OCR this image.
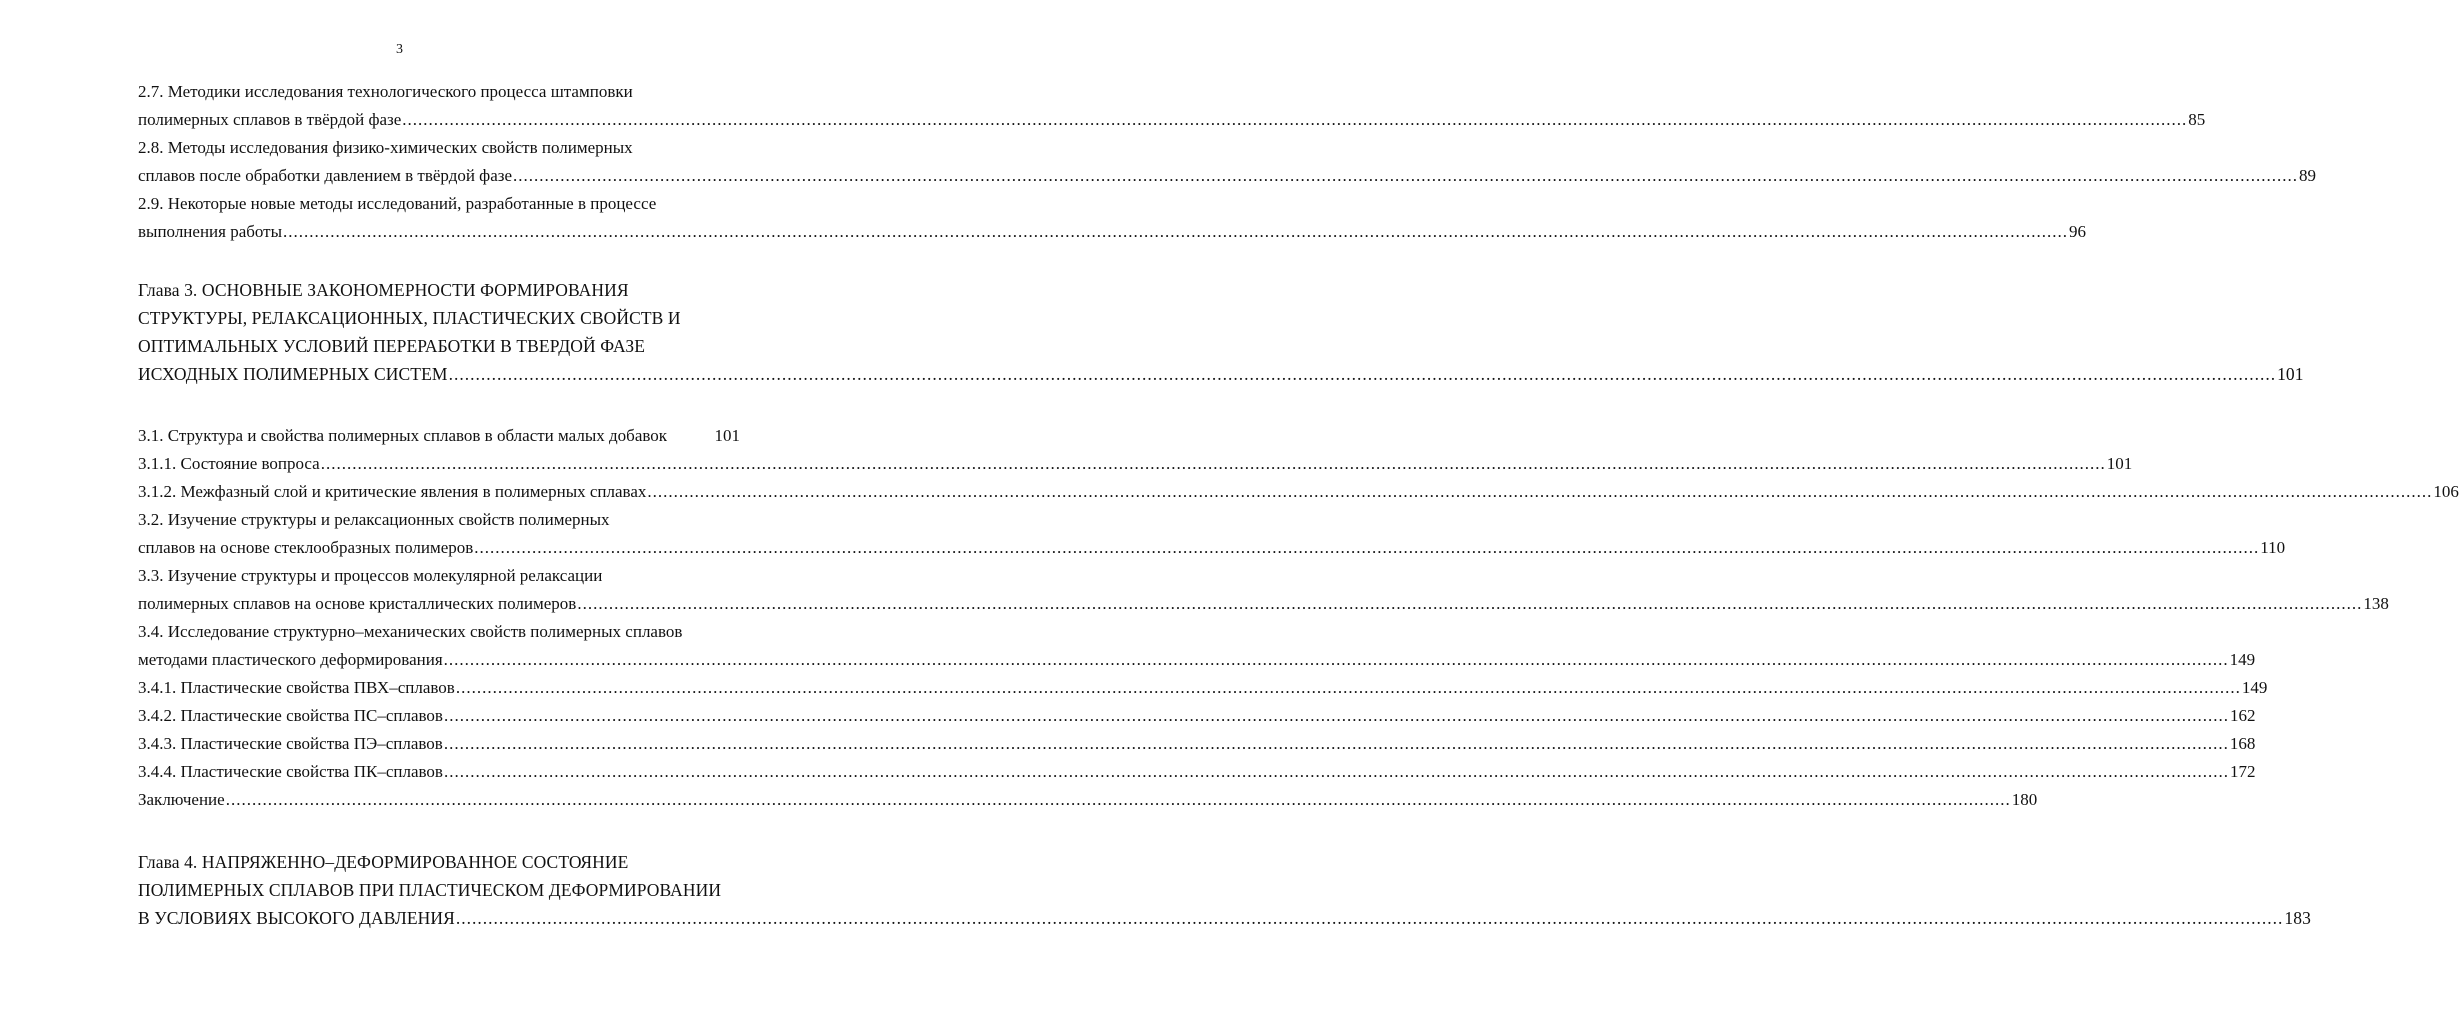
3
2.7. Методики исследования технологического процесса штамповки
полимерных сплавов в твёрдой фазе .................................................................................................................................................................................................................................................................................................................................................... 85
2.8. Методы исследования физико-химических свойств полимерных
сплавов после обработки давлением в твёрдой фазе .................................................................................................................................................................................................................................................................................................................................................... 89
2.9. Некоторые новые методы исследований, разработанные в процессе
выполнения работы .................................................................................................................................................................................................................................................................................................................................................... 96
Глава 3. ОСНОВНЫЕ ЗАКОНОМЕРНОСТИ ФОРМИРОВАНИЯ
СТРУКТУРЫ, РЕЛАКСАЦИОННЫХ, ПЛАСТИЧЕСКИХ СВОЙСТВ И
ОПТИМАЛЬНЫХ УСЛОВИЙ ПЕРЕРАБОТКИ В ТВЕРДОЙ ФАЗЕ
ИСХОДНЫХ ПОЛИМЕРНЫХ СИСТЕМ .................................................................................................................................................................................................................................................................................................................................................... 101
3.1. Структура и свойства полимерных сплавов в области малых добавок	101
3.1.1. Состояние вопроса .................................................................................................................................................................................................................................................................................................................................................... 101
3.1.2. Межфазный слой и критические явления в полимерных сплавах .................................................................................................................................................................................................................................................................................................................................................... 106
3.2. Изучение структуры и релаксационных свойств полимерных
сплавов на основе стеклообразных полимеров .................................................................................................................................................................................................................................................................................................................................................... 110
3.3. Изучение структуры и процессов молекулярной релаксации
полимерных сплавов на основе кристаллических полимеров .................................................................................................................................................................................................................................................................................................................................................... 138
3.4. Исследование структурно–механических свойств полимерных сплавов
методами пластического деформирования .................................................................................................................................................................................................................................................................................................................................................... 149
3.4.1. Пластические свойства ПВХ–сплавов .................................................................................................................................................................................................................................................................................................................................................... 149
3.4.2. Пластические свойства ПС–сплавов .................................................................................................................................................................................................................................................................................................................................................... 162
3.4.3. Пластические свойства ПЭ–сплавов .................................................................................................................................................................................................................................................................................................................................................... 168
3.4.4. Пластические свойства ПК–сплавов .................................................................................................................................................................................................................................................................................................................................................... 172
Заключение .................................................................................................................................................................................................................................................................................................................................................... 180
Глава 4. НАПРЯЖЕННО–ДЕФОРМИРОВАННОЕ СОСТОЯНИЕ
ПОЛИМЕРНЫХ СПЛАВОВ ПРИ ПЛАСТИЧЕСКОМ ДЕФОРМИРОВАНИИ
В УСЛОВИЯХ ВЫСОКОГО ДАВЛЕНИЯ .................................................................................................................................................................................................................................................................................................................................................... 183
